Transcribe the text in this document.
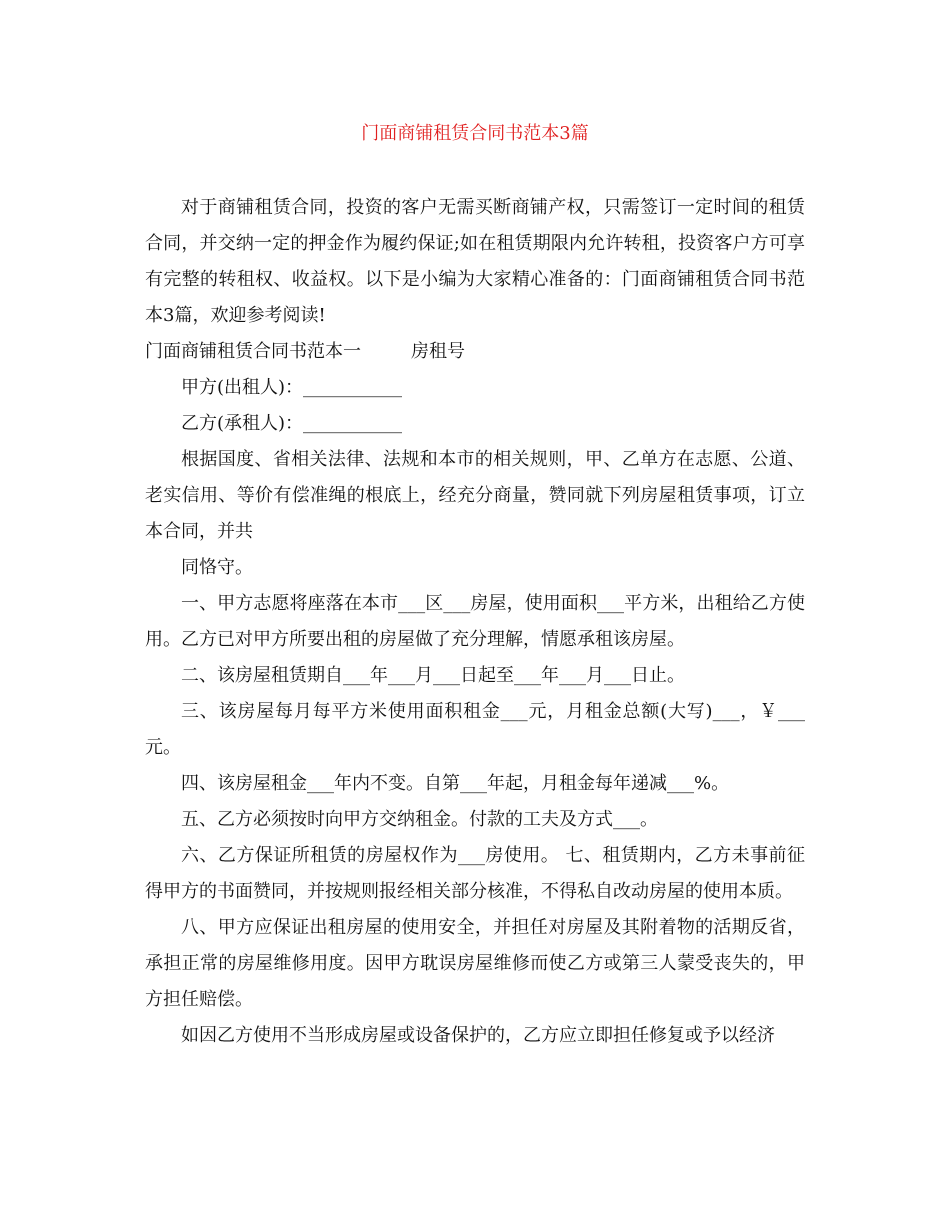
门面商铺租赁合同书范本3篇

对于商铺租赁合同，投资的客户无需买断商铺产权，只需签订一定时间的租赁合同，并交纳一定的押金作为履约保证;如在租赁期限内允许转租，投资客户方可享有完整的转租权、收益权。以下是小编为大家精心准备的：门面商铺租赁合同书范本3篇，欢迎参考阅读!

门面商铺租赁合同书范本一	房租号

甲方(出租人)：___________

乙方(承租人)：___________

根据国度、省相关法律、法规和本市的相关规则，甲、乙单方在志愿、公道、老实信用、等价有偿准绳的根底上，经充分商量，赞同就下列房屋租赁事项，订立本合同，并共

同恪守。

一、甲方志愿将座落在本市___区___房屋，使用面积___平方米，出租给乙方使用。乙方已对甲方所要出租的房屋做了充分理解，情愿承租该房屋。

二、该房屋租赁期自___年___月___日起至___年___月___日止。

三、该房屋每月每平方米使用面积租金___元，月租金总额(大写)___，￥___元。

四、该房屋租金___年内不变。自第___年起，月租金每年递减___%。

五、乙方必须按时向甲方交纳租金。付款的工夫及方式___。

六、乙方保证所租赁的房屋权作为___房使用。 七、租赁期内，乙方未事前征得甲方的书面赞同，并按规则报经相关部分核准，不得私自改动房屋的使用本质。

八、甲方应保证出租房屋的使用安全，并担任对房屋及其附着物的活期反省，承担正常的房屋维修用度。因甲方耽误房屋维修而使乙方或第三人蒙受丧失的，甲方担任赔偿。

如因乙方使用不当形成房屋或设备保护的，乙方应立即担任修复或予以经济
